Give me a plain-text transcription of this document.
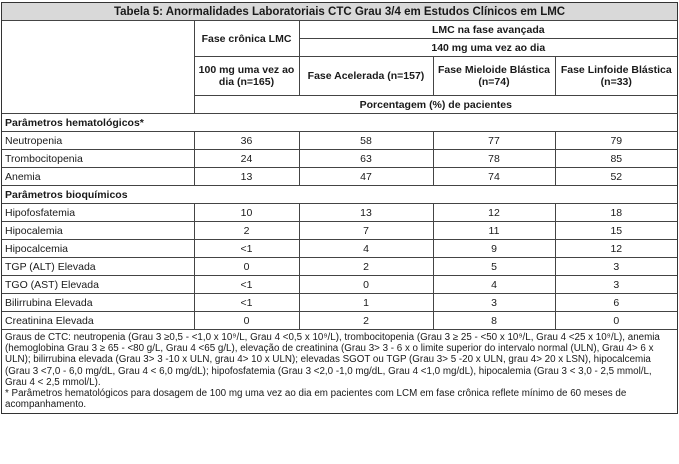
Tabela 5: Anormalidades Laboratoriais CTC Grau 3/4 em Estudos Clínicos em LMC				
	Fase crônica LMC	LMC na fase avançada		
		140 mg uma vez ao dia		
	100 mg uma vez ao dia (n=165)	Fase Acelerada (n=157)	Fase Mieloide Blástica (n=74)	Fase Linfoide Blástica (n=33)
	Porcentagem (%) de pacientes			
Parâmetros hematológicos*				
Neutropenia	36	58	77	79
Trombocitopenia	24	63	78	85
Anemia	13	47	74	52
Parâmetros bioquímicos				
Hipofosfatemia	10	13	12	18
Hipocalemia	2	7	11	15
Hipocalcemia	<1	4	9	12
TGP (ALT) Elevada	0	2	5	3
TGO (AST) Elevada	<1	0	4	3
Bilirrubina Elevada	<1	1	3	6
Creatinina Elevada	0	2	8	0

Graus de CTC: neutropenia (Grau 3 ≥0,5 - <1,0 x 10⁹/L, Grau 4 <0,5 x 10⁹/L), trombocitopenia (Grau 3 ≥ 25 - <50 x 10⁹/L, Grau 4 <25 x 10⁹/L), anemia (hemoglobina Grau 3 ≥ 65 - <80 g/L, Grau 4 <65 g/L), elevação de creatinina (Grau 3> 3 - 6 x o limite superior do intervalo normal (ULN), Grau 4> 6 x ULN); bilirrubina elevada (Grau 3> 3 -10 x ULN, grau 4> 10 x ULN); elevadas SGOT ou TGP (Grau 3> 5 -20 x ULN, grau 4> 20 x LSN), hipocalcemia (Grau 3 <7,0 - 6,0 mg/dL, Grau 4 < 6,0 mg/dL); hipofosfatemia (Grau 3 <2,0 -1,0 mg/dL, Grau 4 <1,0 mg/dL), hipocalemia (Grau 3 < 3,0 - 2,5 mmol/L, Grau 4 < 2,5 mmol/L).

* Parâmetros hematológicos para dosagem de 100 mg uma vez ao dia em pacientes com LCM em fase crônica reflete mínimo de 60 meses de acompanhamento.				
